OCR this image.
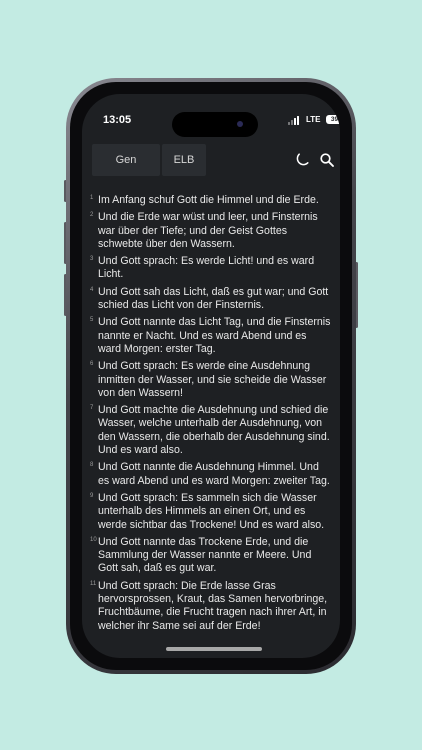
13:05	LTE	39
Gen	ELB
1 Im Anfang schuf Gott die Himmel und die Erde.
2 Und die Erde war wüst und leer, und Finsternis war über der Tiefe; und der Geist Gottes schwebte über den Wassern.
3 Und Gott sprach: Es werde Licht! und es ward Licht.
4 Und Gott sah das Licht, daß es gut war; und Gott schied das Licht von der Finsternis.
5 Und Gott nannte das Licht Tag, und die Finsternis nannte er Nacht. Und es ward Abend und es ward Morgen: erster Tag.
6 Und Gott sprach: Es werde eine Ausdehnung inmitten der Wasser, und sie scheide die Wasser von den Wassern!
7 Und Gott machte die Ausdehnung und schied die Wasser, welche unterhalb der Ausdehnung, von den Wassern, die oberhalb der Ausdehnung sind. Und es ward also.
8 Und Gott nannte die Ausdehnung Himmel. Und es ward Abend und es ward Morgen: zweiter Tag.
9 Und Gott sprach: Es sammeln sich die Wasser unterhalb des Himmels an einen Ort, und es werde sichtbar das Trockene! Und es ward also.
10 Und Gott nannte das Trockene Erde, und die Sammlung der Wasser nannte er Meere. Und Gott sah, daß es gut war.
11 Und Gott sprach: Die Erde lasse Gras hervorsprossen, Kraut, das Samen hervorbringe, Fruchtbäume, die Frucht tragen nach ihrer Art, in welcher ihr Same sei auf der Erde!
